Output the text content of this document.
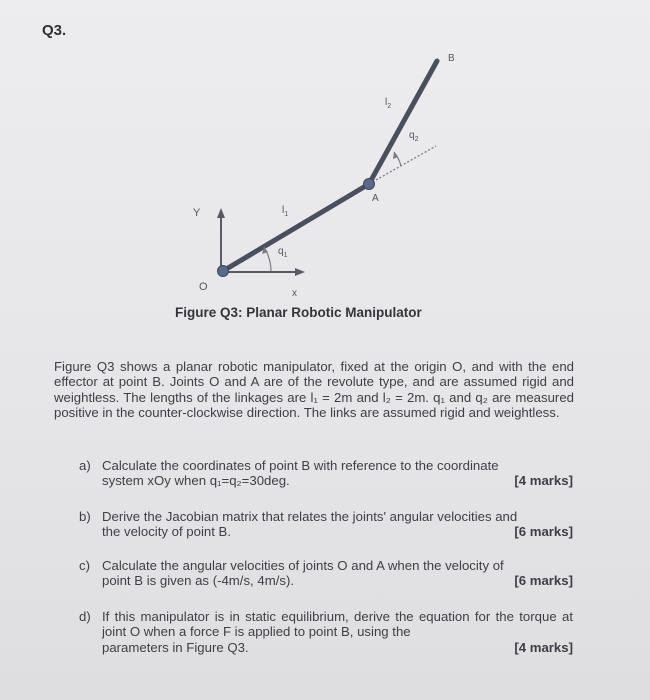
Q3.
O
Y
x
A
B
$l_1$
$l_2$
$q_1$
$q_2$
Figure Q3: Planar Robotic Manipulator

Figure Q3 shows a planar robotic manipulator, fixed at the origin O, and with the end effector at point B. Joints O and A are of the revolute type, and are assumed rigid and weightless. The lengths of the linkages are l₁ = 2m and l₂ = 2m. q₁ and q₂ are measured positive in the counter-clockwise direction. The links are assumed rigid and weightless.

a) Calculate the coordinates of point B with reference to the coordinate
system xOy when q₁=q₂=30deg.	[4 marks]
b) Derive the Jacobian matrix that relates the joints' angular velocities and
the velocity of point B.	[6 marks]
c) Calculate the angular velocities of joints O and A when the velocity of
point B is given as (-4m/s, 4m/s).	[6 marks]
d) If this manipulator is in static equilibrium, derive the equation for the torque at joint O when a force F is applied to point B, using the
parameters in Figure Q3.	[4 marks]
